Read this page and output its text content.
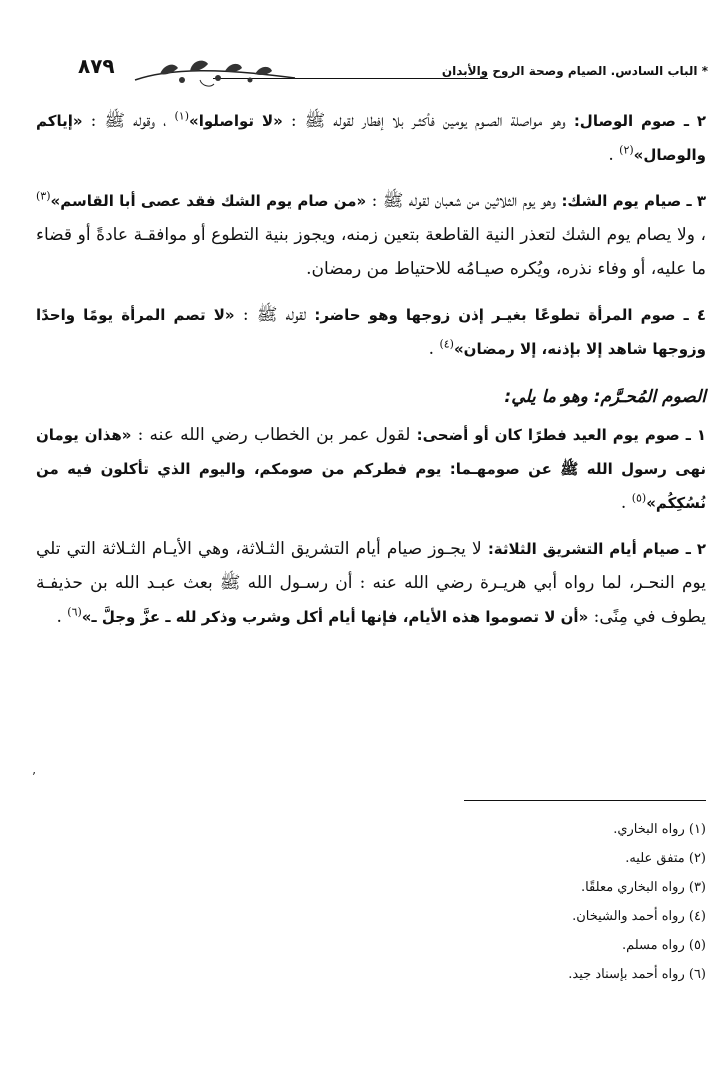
* الباب السادس. الصيام وصحة الروح والأبدان
٨٧٩

٢ ـ صوم الوصال: وهو مواصلة الصـوم يومين فأكثـر بلا إفطار لقوله ﷺ : «لا تواصلوا»$^{(١)}$ ، وقوله ﷺ : «إياكم والوصال»$^{(٢)}$ .

٣ ـ صيام يوم الشك: وهو يوم الثلاثين من شعبان لقوله ﷺ : «من صام يوم الشك فقد عصى أبا القاسم»$^{(٣)}$ ، ولا يصام يوم الشك لتعذر النية القاطعة بتعين زمنه، ويجوز بنية التطوع أو موافقـة عادةً أو قضاء ما عليه، أو وفاء نذره، ويُكره صيـامُه للاحتياط من رمضان.

٤ ـ صوم المرأة تطوعًا بغيـر إذن زوجها وهو حاضر: لقوله ﷺ : «لا تصم المرأة يومًا واحدًا وزوجها شاهد إلا بإذنه، إلا رمضان»$^{(٤)}$ .

الصوم المُحـرَّم: وهو ما يلي:

١ ـ صوم يوم العيد فطرًا كان أو أضحى: لقول عمر بن الخطاب رضي الله عنه : «هذان يومان نهى رسول الله ﷺ عن صومهـما: يوم فطركم من صومكم، واليوم الذي تأكلون فيه من نُسُكِكُم»$^{(٥)}$ .

٢ ـ صيام أيام التشريق الثلاثة: لا يجـوز صيام أيام التشريق الثـلاثة، وهي الأيـام الثـلاثة التي تلي يوم النحـر، لما رواه أبي هريـرة رضي الله عنه : أن رسـول الله ﷺ بعث عبـد الله بن حذيفـة يطوف في مِنًى: «أن لا تصوموا هذه الأيام، فإنها أيام أكل وشرب وذكر لله ـ عزَّ وجلَّ ـ»$^{(٦)}$ .

’
(١) رواه البخاري.
(٢) متفق عليه.
(٣) رواه البخاري معلقًا.
(٤) رواه أحمد والشيخان.
(٥) رواه مسلم.
(٦) رواه أحمد بإسناد جيد.
